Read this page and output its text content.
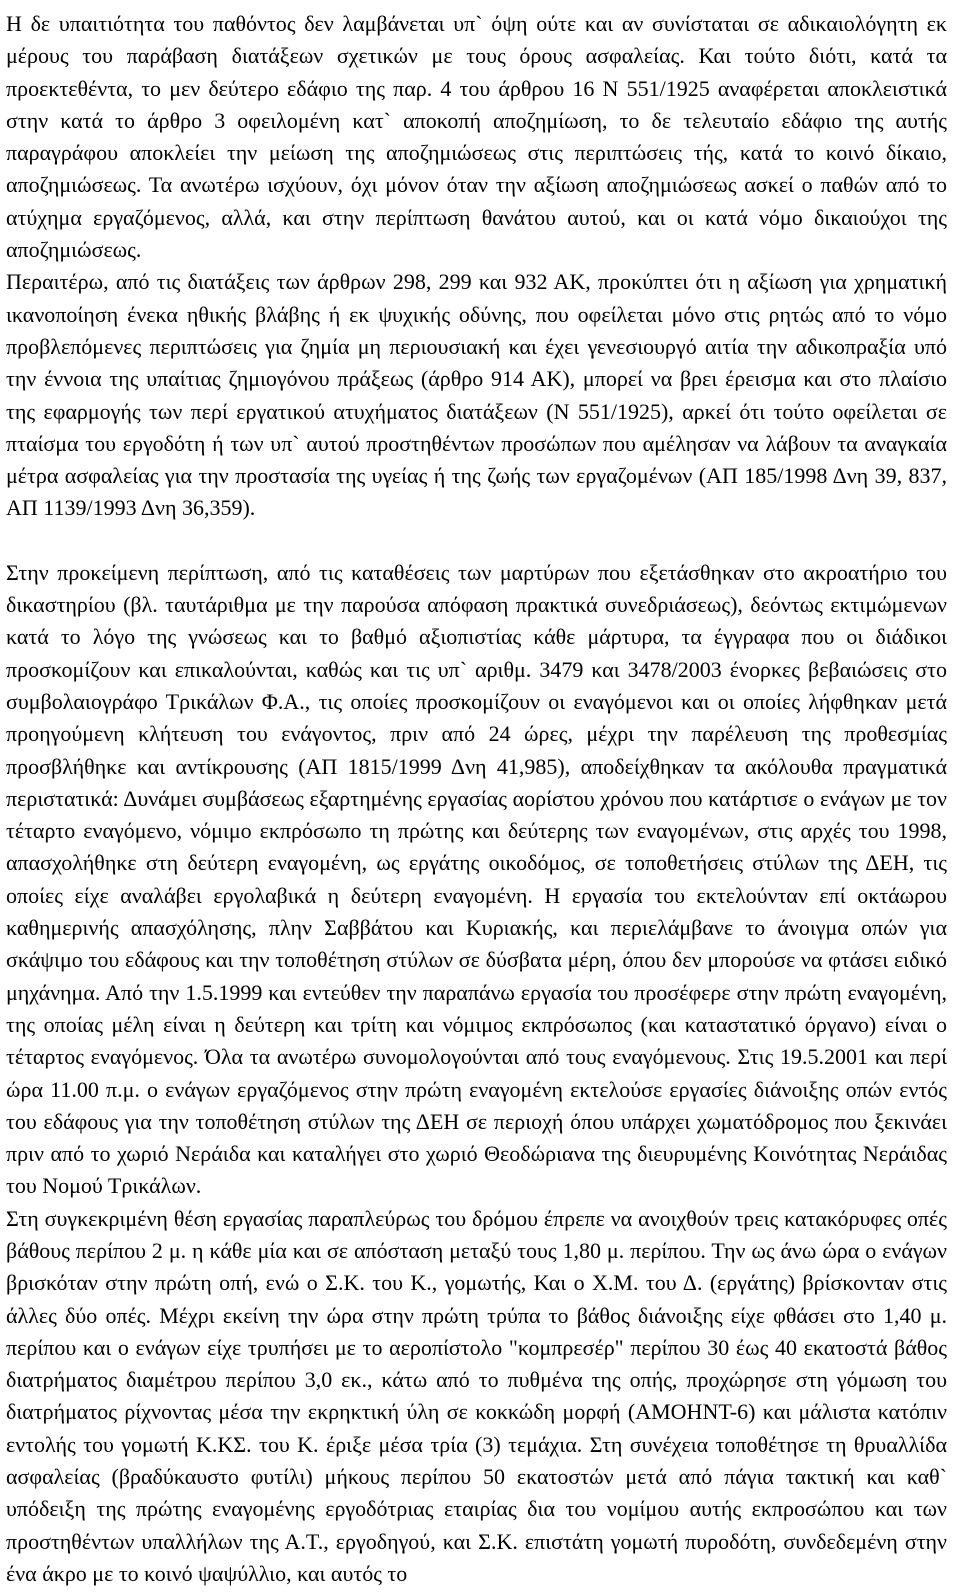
Η δε υπαιτιότητα του παθόντος δεν λαμβάνεται υπ` όψη ούτε και αν συνίσταται σε αδικαιολόγητη εκ μέρους του παράβαση διατάξεων σχετικών με τους όρους ασφαλείας. Και τούτο διότι, κατά τα προεκτεθέντα, το μεν δεύτερο εδάφιο της παρ. 4 του άρθρου 16 Ν 551/1925 αναφέρεται αποκλειστικά στην κατά το άρθρο 3 οφειλομένη κατ` αποκοπή αποζημίωση, το δε τελευταίο εδάφιο της αυτής παραγράφου αποκλείει την μείωση της αποζημιώσεως στις περιπτώσεις τής, κατά το κοινό δίκαιο, αποζημιώσεως. Τα ανωτέρω ισχύουν, όχι μόνον όταν την αξίωση αποζημιώσεως ασκεί ο παθών από το ατύχημα εργαζόμενος, αλλά, και στην περίπτωση θανάτου αυτού, και οι κατά νόμο δικαιούχοι της αποζημιώσεως.

Περαιτέρω, από τις διατάξεις των άρθρων 298, 299 και 932 ΑΚ, προκύπτει ότι η αξίωση για χρηματική ικανοποίηση ένεκα ηθικής βλάβης ή εκ ψυχικής οδύνης, που οφείλεται μόνο στις ρητώς από το νόμο προβλεπόμενες περιπτώσεις για ζημία μη περιουσιακή και έχει γενεσιουργό αιτία την αδικοπραξία υπό την έννοια της υπαίτιας ζημιογόνου πράξεως (άρθρο 914 ΑΚ), μπορεί να βρει έρεισμα και στο πλαίσιο της εφαρμογής των περί εργατικού ατυχήματος διατάξεων (Ν 551/1925), αρκεί ότι τούτο οφείλεται σε πταίσμα του εργοδότη ή των υπ` αυτού προστηθέντων προσώπων που αμέλησαν να λάβουν τα αναγκαία μέτρα ασφαλείας για την προστασία της υγείας ή της ζωής των εργαζομένων (ΑΠ 185/1998 Δνη 39, 837, ΑΠ 1139/1993 Δνη 36,359).

Στην προκείμενη περίπτωση, από τις καταθέσεις των μαρτύρων που εξετάσθηκαν στο ακροατήριο του δικαστηρίου (βλ. ταυτάριθμα με την παρούσα απόφαση πρακτικά συνεδριάσεως), δεόντως εκτιμώμενων κατά το λόγο της γνώσεως και το βαθμό αξιοπιστίας κάθε μάρτυρα, τα έγγραφα που οι διάδικοι προσκομίζουν και επικαλούνται, καθώς και τις υπ` αριθμ. 3479 και 3478/2003 ένορκες βεβαιώσεις στο συμβολαιογράφο Τρικάλων Φ.Α., τις οποίες προσκομίζουν οι εναγόμενοι και οι οποίες λήφθηκαν μετά προηγούμενη κλήτευση του ενάγοντος, πριν από 24 ώρες, μέχρι την παρέλευση της προθεσμίας προσβλήθηκε και αντίκρουσης (ΑΠ 1815/1999 Δνη 41,985), αποδείχθηκαν τα ακόλουθα πραγματικά περιστατικά: Δυνάμει συμβάσεως εξαρτημένης εργασίας αορίστου χρόνου που κατάρτισε ο ενάγων με τον τέταρτο εναγόμενο, νόμιμο εκπρόσωπο τη πρώτης και δεύτερης των εναγομένων, στις αρχές του 1998, απασχολήθηκε στη δεύτερη εναγομένη, ως εργάτης οικοδόμος, σε τοποθετήσεις στύλων της ΔΕΗ, τις οποίες είχε αναλάβει εργολαβικά η δεύτερη εναγομένη. Η εργασία του εκτελούνταν επί οκτάωρου καθημερινής απασχόλησης, πλην Σαββάτου και Κυριακής, και περιελάμβανε το άνοιγμα οπών για σκάψιμο του εδάφους και την τοποθέτηση στύλων σε δύσβατα μέρη, όπου δεν μπορούσε να φτάσει ειδικό μηχάνημα. Από την 1.5.1999 και εντεύθεν την παραπάνω εργασία του προσέφερε στην πρώτη εναγομένη, της οποίας μέλη είναι η δεύτερη και τρίτη και νόμιμος εκπρόσωπος (και καταστατικό όργανο) είναι ο τέταρτος εναγόμενος. Όλα τα ανωτέρω συνομολογούνται από τους εναγόμενους. Στις 19.5.2001 και περί ώρα 11.00 π.μ. ο ενάγων εργαζόμενος στην πρώτη εναγομένη εκτελούσε εργασίες διάνοιξης οπών εντός του εδάφους για την τοποθέτηση στύλων της ΔΕΗ σε περιοχή όπου υπάρχει χωματόδρομος που ξεκινάει πριν από το χωριό Νεράιδα και καταλήγει στο χωριό Θεοδώριανα της διευρυμένης Κοινότητας Νεράιδας του Νομού Τρικάλων.

Στη συγκεκριμένη θέση εργασίας παραπλεύρως του δρόμου έπρεπε να ανοιχθούν τρεις κατακόρυφες οπές βάθους περίπου 2 μ. η κάθε μία και σε απόσταση μεταξύ τους 1,80 μ. περίπου. Την ως άνω ώρα ο ενάγων βρισκόταν στην πρώτη οπή, ενώ ο Σ.Κ. του Κ., γομωτής, Και ο Χ.Μ. του Δ. (εργάτης) βρίσκονταν στις άλλες δύο οπές. Μέχρι εκείνη την ώρα στην πρώτη τρύπα το βάθος διάνοιξης είχε φθάσει στο 1,40 μ. περίπου και ο ενάγων είχε τρυπήσει με το αεροπίστολο "κομπρεσέρ" περίπου 30 έως 40 εκατοστά βάθος διατρήματος διαμέτρου περίπου 3,0 εκ., κάτω από το πυθμένα της οπής, προχώρησε στη γόμωση του διατρήματος ρίχνοντας μέσα την εκρηκτική ύλη σε κοκκώδη μορφή (ΑΜΟΗΝΤ-6) και μάλιστα κατόπιν εντολής του γομωτή Κ.ΚΣ. του Κ. έριξε μέσα τρία (3) τεμάχια. Στη συνέχεια τοποθέτησε τη θρυαλλίδα ασφαλείας (βραδύκαυστο φυτίλι) μήκους περίπου 50 εκατοστών μετά από πάγια τακτική και καθ` υπόδειξη της πρώτης εναγομένης εργοδότριας εταιρίας δια του νομίμου αυτής εκπροσώπου και των προστηθέντων υπαλλήλων της Α.Τ., εργοδηγού, και Σ.Κ. επιστάτη γομωτή πυροδότη, συνδεδεμένη στην ένα άκρο με το κοινό ψαψύλλιο, και αυτός το
